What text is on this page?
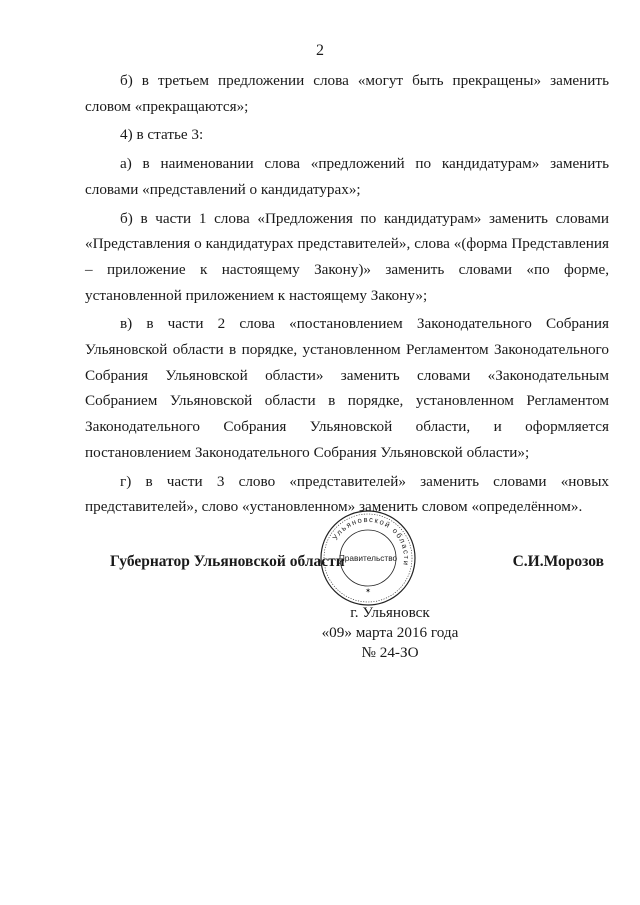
2

б) в третьем предложении слова «могут быть прекращены» заменить словом «прекращаются»;

4) в статье 3:

а) в наименовании слова «предложений по кандидатурам» заменить словами «представлений о кандидатурах»;

б) в части 1 слова «Предложения по кандидатурам» заменить словами «Представления о кандидатурах представителей», слова «(форма Представления – приложение к настоящему Закону)» заменить словами «по форме, установленной приложением к настоящему Закону»;

в) в части 2 слова «постановлением Законодательного Собрания Ульяновской области в порядке, установленном Регламентом Законодательного Собрания Ульяновской области» заменить словами «Законодательным Собранием Ульяновской области в порядке, установленном Регламентом Законодательного Собрания Ульяновской области, и оформляется постановлением Законодательного Собрания Ульяновской области»;

г) в части 3 слово «представителей» заменить словами «новых представителей», слово «установленном» заменить словом «определённом».

Губернатор Ульяновской области	С.И.Морозов
Ульяновской области
Правительство
✶
г. Ульяновск
«09» марта 2016 года
№ 24-ЗО
